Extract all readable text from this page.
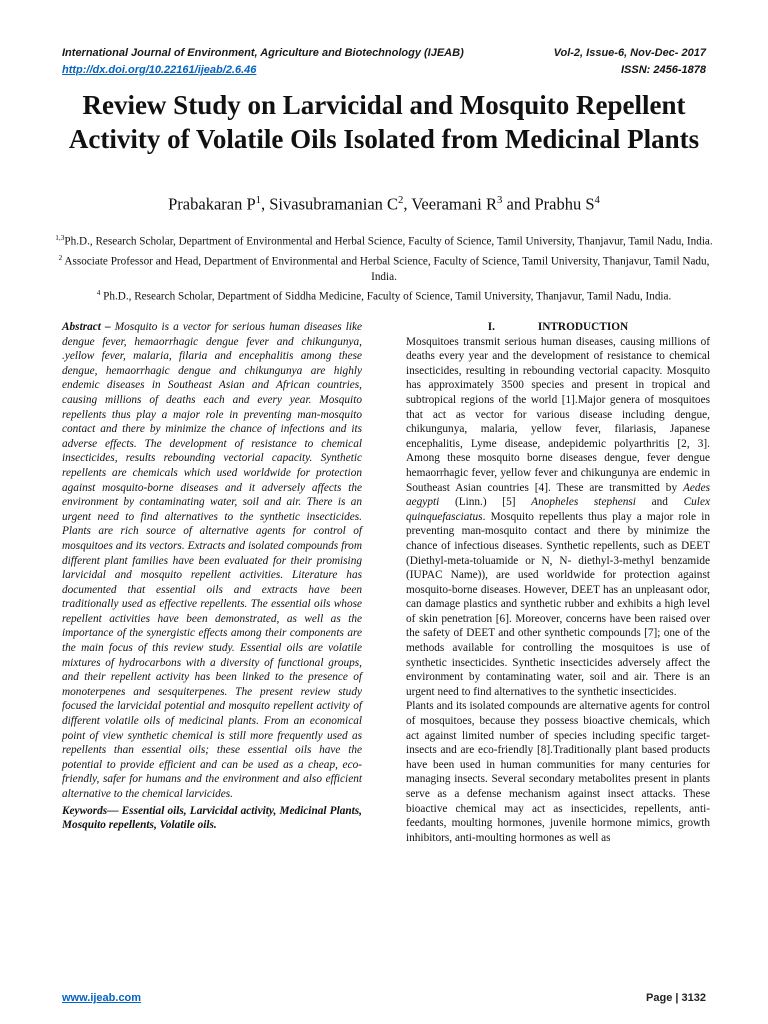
International Journal of Environment, Agriculture and Biotechnology (IJEAB)	Vol-2, Issue-6, Nov-Dec- 2017
http://dx.doi.org/10.22161/ijeab/2.6.46	ISSN: 2456-1878
Review Study on Larvicidal and Mosquito Repellent Activity of Volatile Oils Isolated from Medicinal Plants
Prabakaran $P^1$, Sivasubramanian $C^2$, Veeramani $R^3$ and Prabhu $S^4$
$^{1,3}$Ph.D., Research Scholar, Department of Environmental and Herbal Science, Faculty of Science, Tamil University, Thanjavur, Tamil Nadu, India.
$^2$ Associate Professor and Head, Department of Environmental and Herbal Science, Faculty of Science, Tamil University, Thanjavur, Tamil Nadu, India.
$^4$ Ph.D., Research Scholar, Department of Siddha Medicine, Faculty of Science, Tamil University, Thanjavur, Tamil Nadu, India.
Abstract – Mosquito is a vector for serious human diseases like dengue fever, hemaorrhagic dengue fever and chikungunya, .yellow fever, malaria, filaria and encephalitis among these dengue, hemaorrhagic dengue and chikungunya are highly endemic diseases in Southeast Asian and African countries, causing millions of deaths each and every year. Mosquito repellents thus play a major role in preventing man-mosquito contact and there by minimize the chance of infections and its adverse effects. The development of resistance to chemical insecticides, results rebounding vectorial capacity. Synthetic repellents are chemicals which used worldwide for protection against mosquito-borne diseases and it adversely affects the environment by contaminating water, soil and air. There is an urgent need to find alternatives to the synthetic insecticides. Plants are rich source of alternative agents for control of mosquitoes and its vectors. Extracts and isolated compounds from different plant families have been evaluated for their promising larvicidal and mosquito repellent activities. Literature has documented that essential oils and extracts have been traditionally used as effective repellents. The essential oils whose repellent activities have been demonstrated, as well as the importance of the synergistic effects among their components are the main focus of this review study. Essential oils are volatile mixtures of hydrocarbons with a diversity of functional groups, and their repellent activity has been linked to the presence of monoterpenes and sesquiterpenes. The present review study focused the larvicidal potential and mosquito repellent activity of different volatile oils of medicinal plants. From an economical point of view synthetic chemical is still more frequently used as repellents than essential oils; these essential oils have the potential to provide efficient and can be used as a cheap, eco-friendly, safer for humans and the environment and also efficient alternative to the chemical larvicides.
Keywords— Essential oils, Larvicidal activity, Medicinal Plants, Mosquito repellents, Volatile oils.
I.	INTRODUCTION

Mosquitoes transmit serious human diseases, causing millions of deaths every year and the development of resistance to chemical insecticides, resulting in rebounding vectorial capacity. Mosquito has approximately 3500 species and present in tropical and subtropical regions of the world [1].Major genera of mosquitoes that act as vector for various disease including dengue, chikungunya, malaria, yellow fever, filariasis, Japanese encephalitis, Lyme disease, andepidemic polyarthritis [2, 3]. Among these mosquito borne diseases dengue, fever dengue hemaorrhagic fever, yellow fever and chikungunya are endemic in Southeast Asian countries [4]. These are transmitted by Aedes aegypti (Linn.) [5] Anopheles stephensi and Culex quinquefasciatus. Mosquito repellents thus play a major role in preventing man-mosquito contact and there by minimize the chance of infectious diseases. Synthetic repellents, such as DEET (Diethyl-meta-toluamide or N, N- diethyl-3-methyl benzamide (IUPAC Name)), are used worldwide for protection against mosquito-borne diseases. However, DEET has an unpleasant odor, can damage plastics and synthetic rubber and exhibits a high level of skin penetration [6]. Moreover, concerns have been raised over the safety of DEET and other synthetic compounds [7]; one of the methods available for controlling the mosquitoes is use of synthetic insecticides. Synthetic insecticides adversely affect the environment by contaminating water, soil and air. There is an urgent need to find alternatives to the synthetic insecticides.

Plants and its isolated compounds are alternative agents for control of mosquitoes, because they possess bioactive chemicals, which act against limited number of species including specific target-insects and are eco-friendly [8].Traditionally plant based products have been used in human communities for many centuries for managing insects. Several secondary metabolites present in plants serve as a defense mechanism against insect attacks. These bioactive chemical may act as insecticides, repellents, anti-feedants, moulting hormones, juvenile hormone mimics, growth inhibitors, anti-moulting hormones as well as

www.ijeab.com	Page | 3132
